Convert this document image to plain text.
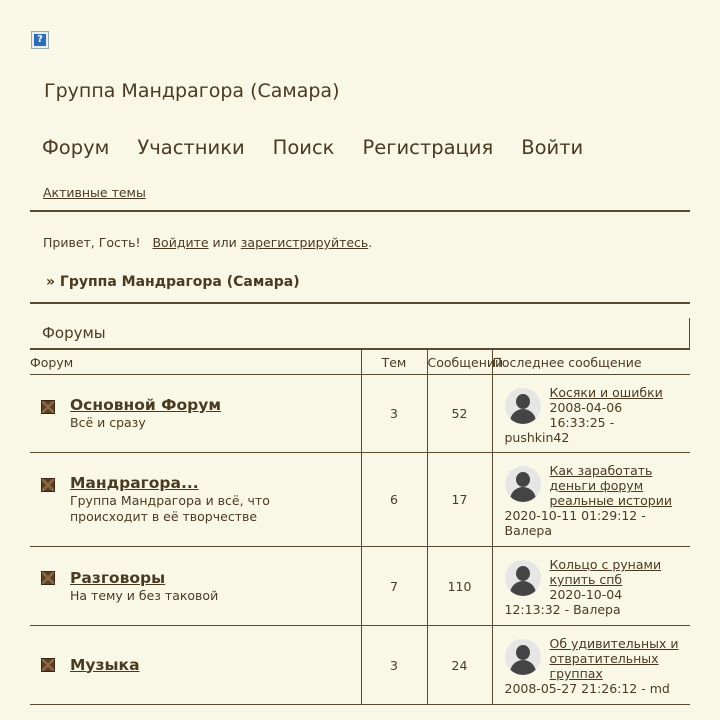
?
Группа Мандрагора (Самара)
Форум Участники Поиск Регистрация Войти
Активные темы
Привет, Гость! Войдите или зарегистрируйтесь.
» Группа Мандрагора (Самара)
Форумы
Форум	Тем	Сообщений	Последнее сообщение

Основной Форум
Всё и сразу	3	52	Косяки и ошибки
2008-04-06 16:33:25 - pushkin42

Мандрагора...
Группа Мандрагора и всё, что происходит в её творчестве	6	17	Как заработать деньги форум реальные истории
2020-10-11 01:29:12 - Валера

Разговоры
На тему и без таковой	7	110	Кольцо с рунами купить спб
2020-10-04 12:13:32 - Валера

Музыка	3	24	Об удивительных и отвратительных группах
2008-05-27 21:26:12 - md
